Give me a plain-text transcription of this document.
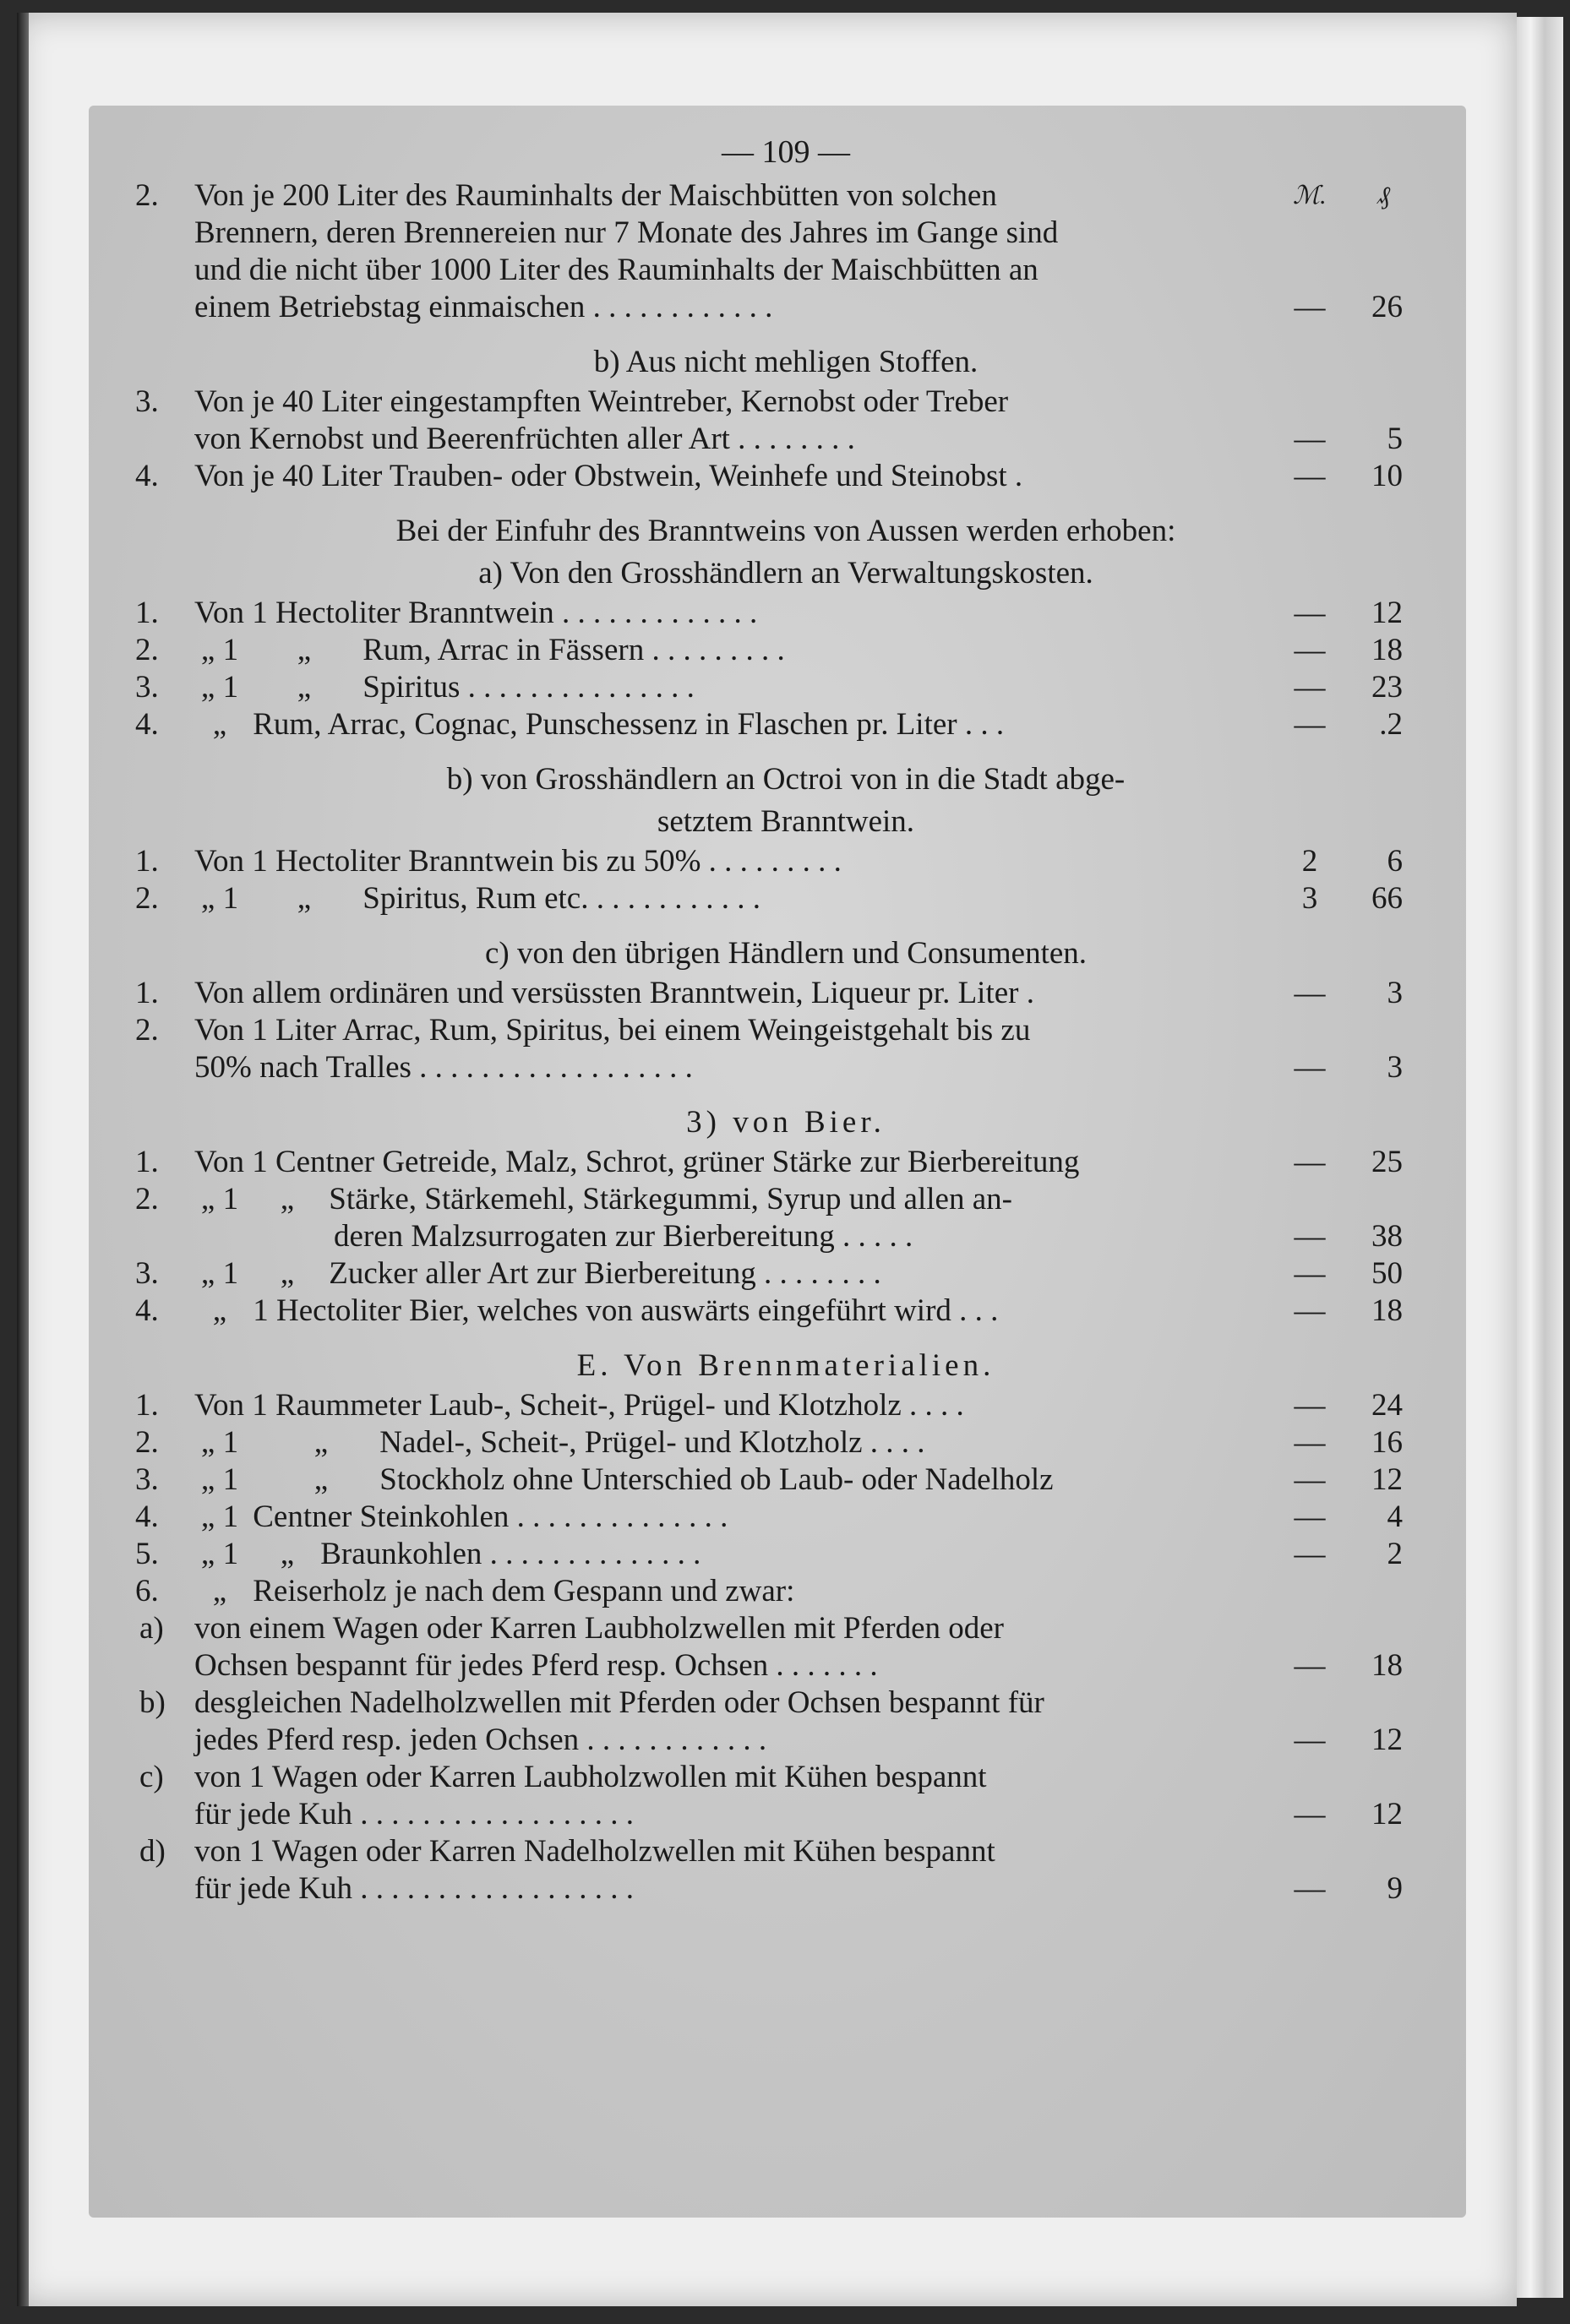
— 109 —
2.	Von je 200 Liter des Rauminhalts der Maischbütten von solchen	ℳ. ₰
Brennern, deren Brennereien nur 7 Monate des Jahres im Gange sind
und die nicht über 1000 Liter des Rauminhalts der Maischbütten an
einem Betriebstag einmaischen . . . . . . . . . . . .	—	26
b) Aus nicht mehligen Stoffen.
3.	Von je 40 Liter eingestampften Weintreber, Kernobst oder Treber
von Kernobst und Beerenfrüchten aller Art . . . . . . . .	—	5
4.	Von je 40 Liter Trauben- oder Obstwein, Weinhefe und Steinobst .	—	10
Bei der Einfuhr des Branntweins von Aussen werden erhoben:
a) Von den Grosshändlern an Verwaltungskosten.
1.	Von 1 Hectoliter Branntwein . . . . . . . . . . . . .	—	12
2.	„ 1 „ Rum, Arrac in Fässern . . . . . . . . .	—	18
3.	„ 1 „ Spiritus . . . . . . . . . . . . . . .	—	23
4.	„ Rum, Arrac, Cognac, Punschessenz in Flaschen pr. Liter . . .	—	.2
b) von Grosshändlern an Octroi von in die Stadt abge-
setztem Branntwein.
1.	Von 1 Hectoliter Branntwein bis zu 50% . . . . . . . . .	2	6
2.	„ 1 „ Spiritus, Rum etc. . . . . . . . . . . .	3	66
c) von den übrigen Händlern und Consumenten.
1.	Von allem ordinären und versüssten Branntwein, Liqueur pr. Liter .	—	3
2.	Von 1 Liter Arrac, Rum, Spiritus, bei einem Weingeistgehalt bis zu
50% nach Tralles . . . . . . . . . . . . . . . . . .	—	3
3) von Bier.
1.	Von 1 Centner Getreide, Malz, Schrot, grüner Stärke zur Bierbereitung	—	25
2.	„ 1 „ Stärke, Stärkemehl, Stärkegummi, Syrup und allen an-
deren Malzsurrogaten zur Bierbereitung . . . . .	—	38
3.	„ 1 „ Zucker aller Art zur Bierbereitung . . . . . . . .	—	50
4.	„ 1 Hectoliter Bier, welches von auswärts eingeführt wird . . .	—	18
E. Von Brennmaterialien.
1.	Von 1 Raummeter Laub-, Scheit-, Prügel- und Klotzholz . . . .	—	24
2.	„ 1 „ Nadel-, Scheit-, Prügel- und Klotzholz . . . .	—	16
3.	„ 1 „ Stockholz ohne Unterschied ob Laub- oder Nadelholz	—	12
4.	„ 1 Centner Steinkohlen . . . . . . . . . . . . . .	—	4
5.	„ 1 „ Braunkohlen . . . . . . . . . . . . . .	—	2
6.	„ Reiserholz je nach dem Gespann und zwar:
a) von einem Wagen oder Karren Laubholzwellen mit Pferden oder
Ochsen bespannt für jedes Pferd resp. Ochsen . . . . . . .	—	18
b) desgleichen Nadelholzwellen mit Pferden oder Ochsen bespannt für
jedes Pferd resp. jeden Ochsen . . . . . . . . . . . .	—	12
c) von 1 Wagen oder Karren Laubholzwollen mit Kühen bespannt
für jede Kuh . . . . . . . . . . . . . . . . . .	—	12
d) von 1 Wagen oder Karren Nadelholzwellen mit Kühen bespannt
für jede Kuh . . . . . . . . . . . . . . . . . .	—	9
